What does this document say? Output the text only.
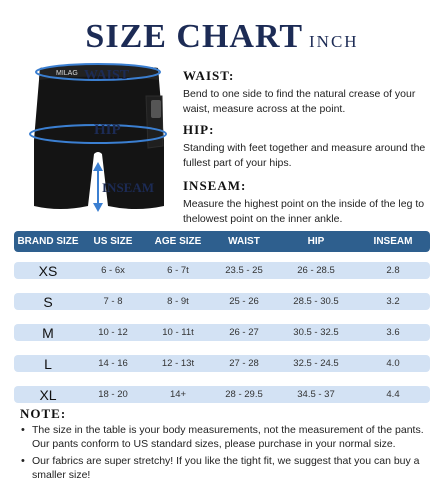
SIZE CHART INCH
MILAG WAIST
HIP
INSEAM
WAIST:
Bend to one side to find the natural crease of your waist, measure across at the point.
HIP:
Standing with feet together and measure around the fullest part of your hips.
INSEAM:
Measure the highest point on the inside of the leg to thelowest point on the inner ankle.
BRAND SIZE	US SIZE	AGE SIZE	WAIST	HIP	INSEAM
XS	6 - 6x	6 - 7t	23.5 - 25	26 - 28.5	2.8
S	7 - 8	8 - 9t	25 - 26	28.5 - 30.5	3.2
M	10 - 12	10 - 11t	26 - 27	30.5 - 32.5	3.6
L	14 - 16	12 - 13t	27 - 28	32.5 - 24.5	4.0
XL	18 - 20	14+	28 - 29.5	34.5 - 37	4.4
NOTE:
• The size in the table is your body measurements, not the measurement of the pants. Our pants conform to US standard sizes, please purchase in your normal size.
• Our fabrics are super stretchy! If you like the tight fit, we suggest that you can buy a smaller size!
